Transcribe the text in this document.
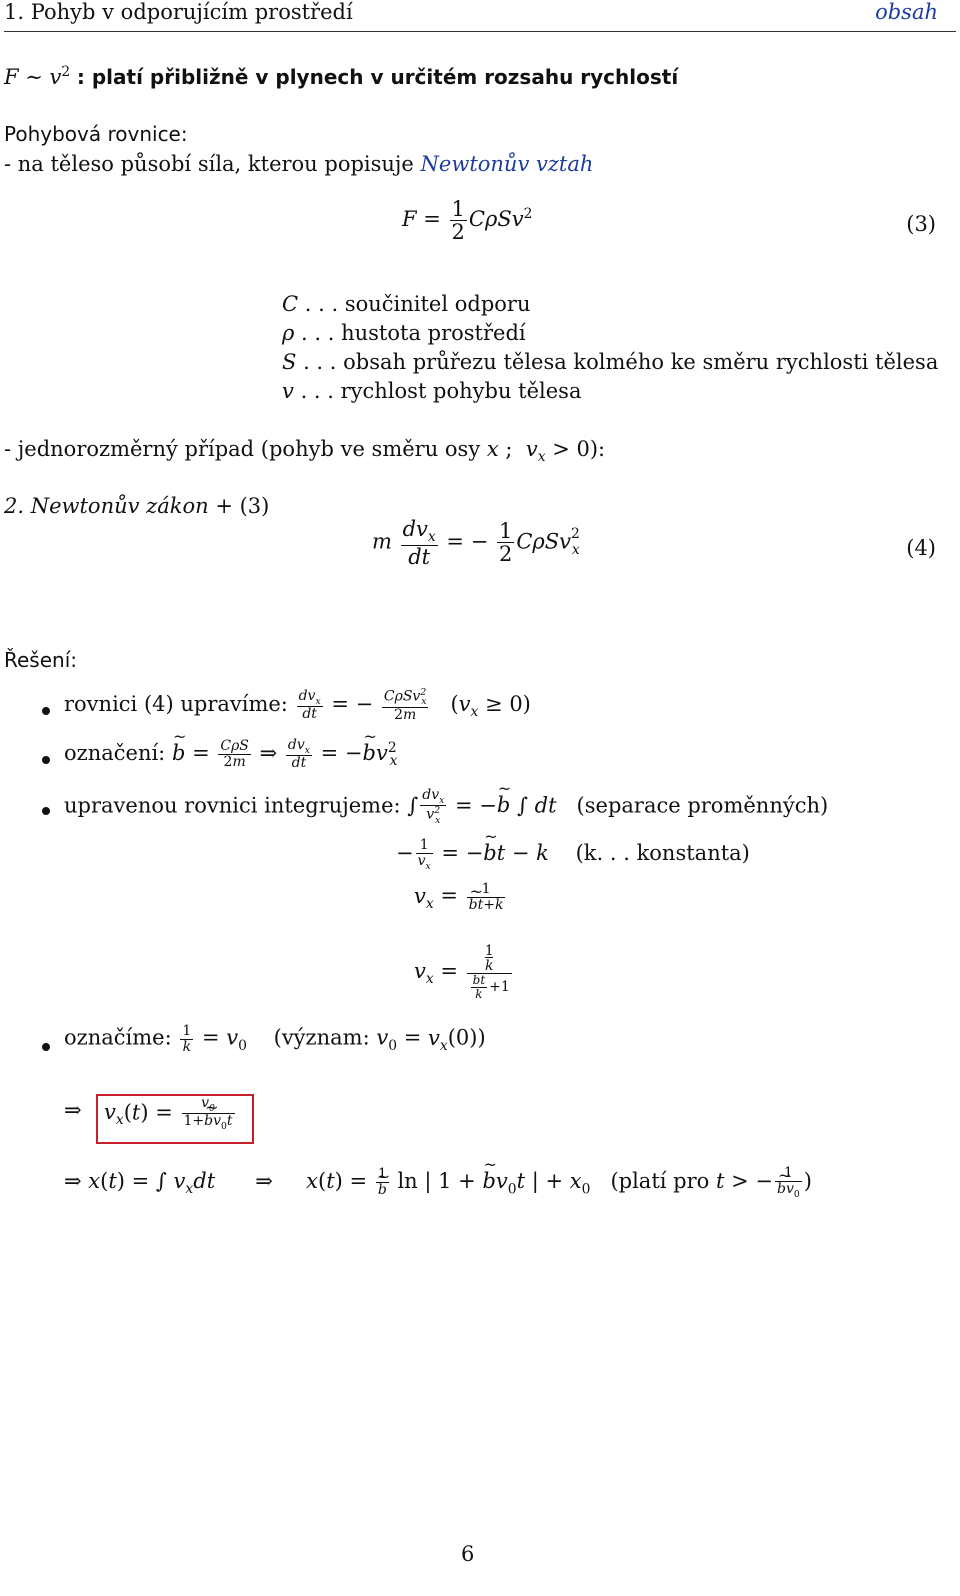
1. Pohyb v odporujícím prostředí	obsah
F ∼ $v^2$ : platí přibližně v plynech v určitém rozsahu rychlostí
Pohybová rovnice:
- na těleso působí síla, kterou popisuje Newtonův vztah
$F = \frac{1}{2} C\rho Sv^2$	(3)
C . . . součinitel odporu
ρ . . . hustota prostředí
S . . . obsah průřezu tělesa kolmého ke směru rychlosti tělesa
v . . . rychlost pohybu tělesa
- jednorozměrný případ (pohyb ve směru osy x ;  $v_x > 0$):
2. Newtonův zákon + (3)
m $\frac{dv_x}{dt}$ = − $\frac{1}{2} C\rho Sv^2_x$	(4)
Řešení:
rovnici (4) upravíme: $\frac{dv_x}{dt}$ = − $\frac{C\rho Sv^2_x}{2m} (v_x \ge 0)$
označení: ~ $b = \frac{\text{CρS}}{2m}$ ⇒ $\frac{dv_x}{dt}$ = −~ $bv^2_x$
upravenou rovnici integrujeme: ∫ $\frac{dv_x}{v^2_x}$ = −~ b ∫ dt (separace proměnných)
− $\frac{1}{v_x}$ = −~ bt − k (k. . . konstanta)
$v_x = 1$
~ bt+k
$v_x$ =
1
k
$\frac{bt}{k} +1$
označíme: $\frac{1}{k} = v_0$ (význam: $v_0 = v_x(0)$)
⇒ $v_x(t) = \frac{v_0}{1+\sim bv_0t}$
⇒ x(t) = ∫ $v_xdt$      ⇒     x(t) = 1
~ b ln | 1 + ~ $bv_0t$ | + $x_0$ (platí pro t > − 1
~ $bv_0$ )
6
